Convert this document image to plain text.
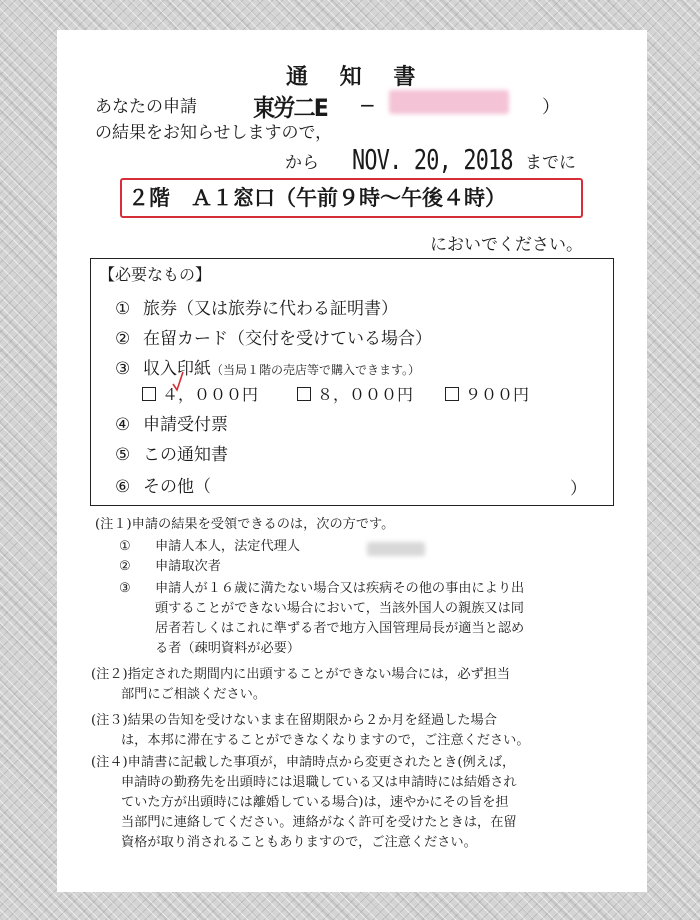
通 知 書
あなたの申請 東労二E −	）
の結果をお知らせしますので，
から NOV. 20, 2018 までに
２階　Ａ１窓口（午前９時～午後４時）
においでください。
【必要なもの】
① 旅券（又は旅券に代わる証明書）
② 在留カード（交付を受けている場合）
③ 収入印紙（当局１階の売店等で購入できます。）
４，０００円	８，０００円	９００円
④ 申請受付票
⑤ この通知書
⑥ その他（	）
(注１)申請の結果を受領できるのは，次の方です。
① 申請人本人，法定代理人
② 申請取次者
③ 申請人が１６歳に満たない場合又は疾病その他の事由により出
頭することができない場合において，当該外国人の親族又は同
居者若しくはこれに準ずる者で地方入国管理局長が適当と認め
る者（疎明資料が必要）
(注２)指定された期間内に出頭することができない場合には，必ず担当
部門にご相談ください。
(注３)結果の告知を受けないまま在留期限から２か月を経過した場合
は，本邦に滞在することができなくなりますので，ご注意ください。
(注４)申請書に記載した事項が，申請時点から変更されたとき(例えば，
申請時の勤務先を出頭時には退職している又は申請時には結婚され
ていた方が出頭時には離婚している場合)は，速やかにその旨を担
当部門に連絡してください。連絡がなく許可を受けたときは，在留
資格が取り消されることもありますので，ご注意ください。
